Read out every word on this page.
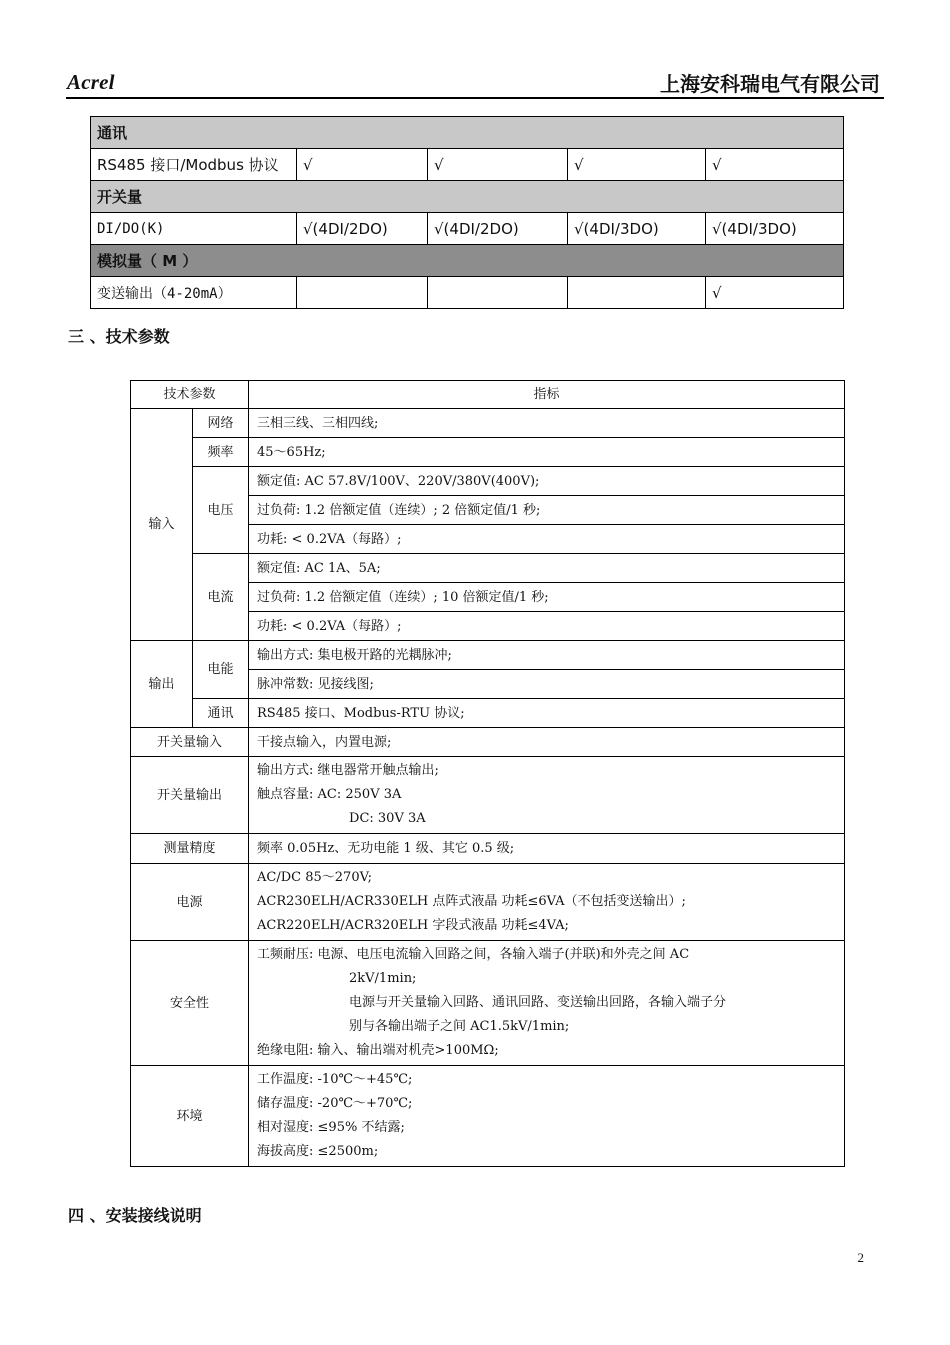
Acrel	上海安科瑞电气有限公司
通讯				
RS485 接口/Modbus 协议	√	√	√	√
开关量				
DI/DO(K)	√(4DI/2DO)	√(4DI/2DO)	√(4DI/3DO)	√(4DI/3DO)
模拟量（ M ）				
变送输出（4-20mA）				√
三 、技术参数
技术参数		指标
输入	网络	三相三线、三相四线;
	频率	45～65Hz;
	电压	额定值: AC 57.8V/100V、220V/380V(400V);
		过负荷: 1.2 倍额定值（连续）; 2 倍额定值/1 秒;
		功耗: < 0.2VA（每路）;
	电流	额定值: AC 1A、5A;
		过负荷: 1.2 倍额定值（连续）; 10 倍额定值/1 秒;
		功耗: < 0.2VA（每路）;
输出	电能	输出方式: 集电极开路的光耦脉冲;
		脉冲常数: 见接线图;
	通讯	RS485 接口、Modbus-RTU 协议;
开关量输入		干接点输入，内置电源;
开关量输出		输出方式: 继电器常开触点输出;
触点容量: AC: 250V 3A
DC: 30V 3A

测量精度		频率 0.05Hz、无功电能 1 级、其它 0.5 级;
电源		AC/DC 85～270V;
ACR230ELH/ACR330ELH 点阵式液晶 功耗≤6VA（不包括变送输出）;
ACR220ELH/ACR320ELH 字段式液晶 功耗≤4VA;

安全性		工频耐压: 电源、电压电流输入回路之间，各输入端子(并联)和外壳之间 AC
2kV/1min;
电源与开关量输入回路、通讯回路、变送输出回路，各输入端子分
别与各输出端子之间 AC1.5kV/1min;
绝缘电阻: 输入、输出端对机壳>100MΩ;

环境		工作温度: -10℃～+45℃;
储存温度: -20℃～+70℃;
相对湿度: ≤95% 不结露;
海拔高度: ≤2500m;
四 、安装接线说明
2
